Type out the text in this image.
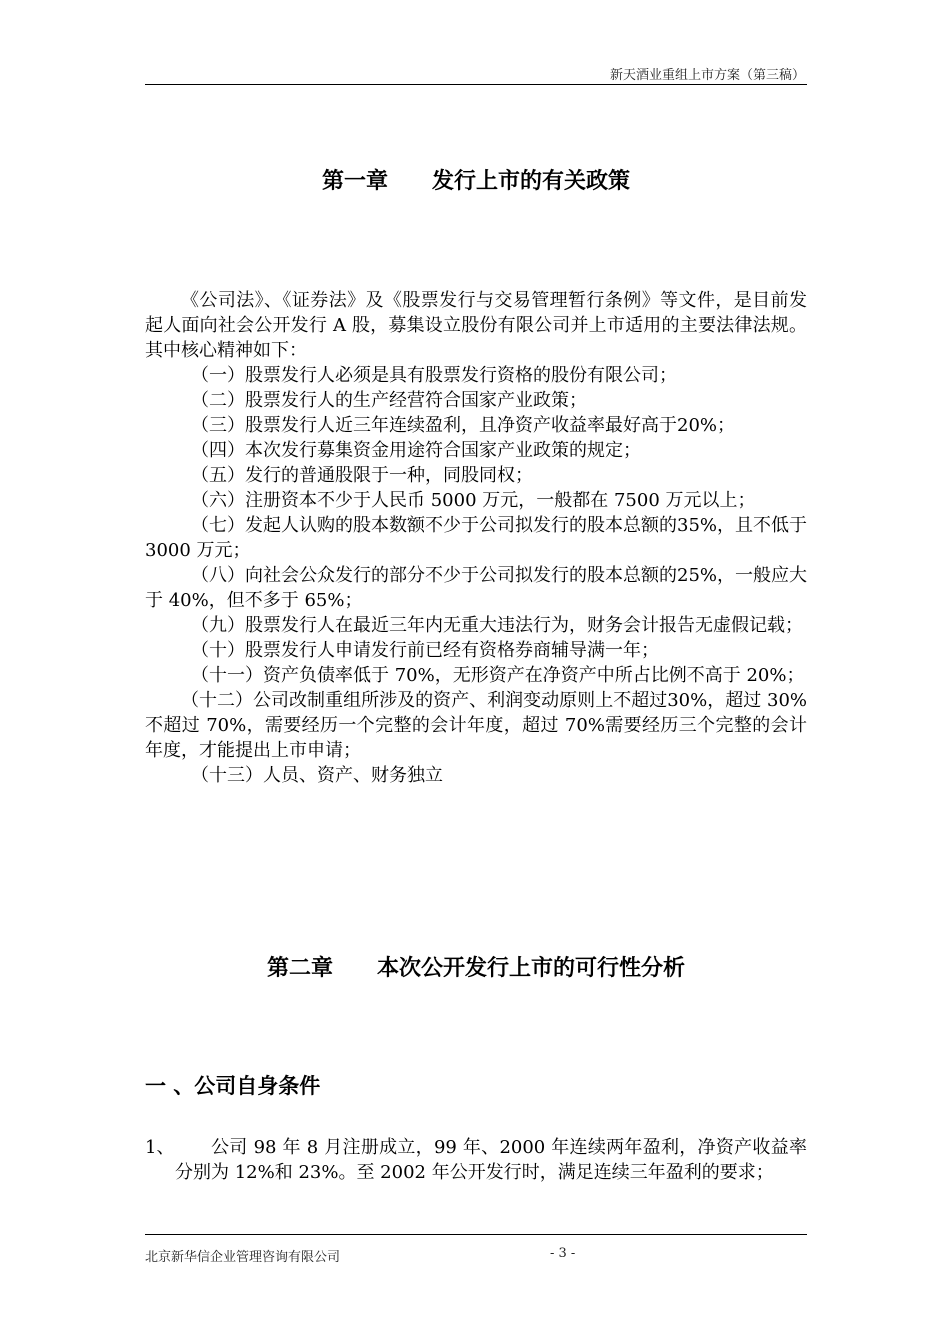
新天酒业重组上市方案（第三稿）
第一章　　发行上市的有关政策

《公司法》、《证券法》及《股票发行与交易管理暂行条例》等文件，是目前发起人面向社会公开发行 A 股，募集设立股份有限公司并上市适用的主要法律法规。其中核心精神如下：

（一）股票发行人必须是具有股票发行资格的股份有限公司；

（二）股票发行人的生产经营符合国家产业政策；

（三）股票发行人近三年连续盈利，且净资产收益率最好高于20%；

（四）本次发行募集资金用途符合国家产业政策的规定；

（五）发行的普通股限于一种，同股同权；

（六）注册资本不少于人民币 5000 万元，一般都在 7500 万元以上；

（七）发起人认购的股本数额不少于公司拟发行的股本总额的35%，且不低于 3000 万元；

（八）向社会公众发行的部分不少于公司拟发行的股本总额的25%，一般应大于 40%，但不多于 65%；

（九）股票发行人在最近三年内无重大违法行为，财务会计报告无虚假记载；

（十）股票发行人申请发行前已经有资格券商辅导满一年；

（十一）资产负债率低于 70%，无形资产在净资产中所占比例不高于 20%；

（十二）公司改制重组所涉及的资产、利润变动原则上不超过30%，超过 30%不超过 70%，需要经历一个完整的会计年度，超过 70%需要经历三个完整的会计年度，才能提出上市申请；

（十三）人员、资产、财务独立

第二章　　本次公开发行上市的可行性分析
一 、公司自身条件
1、	公司 98 年 8 月注册成立，99 年、2000 年连续两年盈利，净资产收益率分别为 12%和 23%。至 2002 年公开发行时，满足连续三年盈利的要求；
北京新华信企业管理咨询有限公司	- 3 -
